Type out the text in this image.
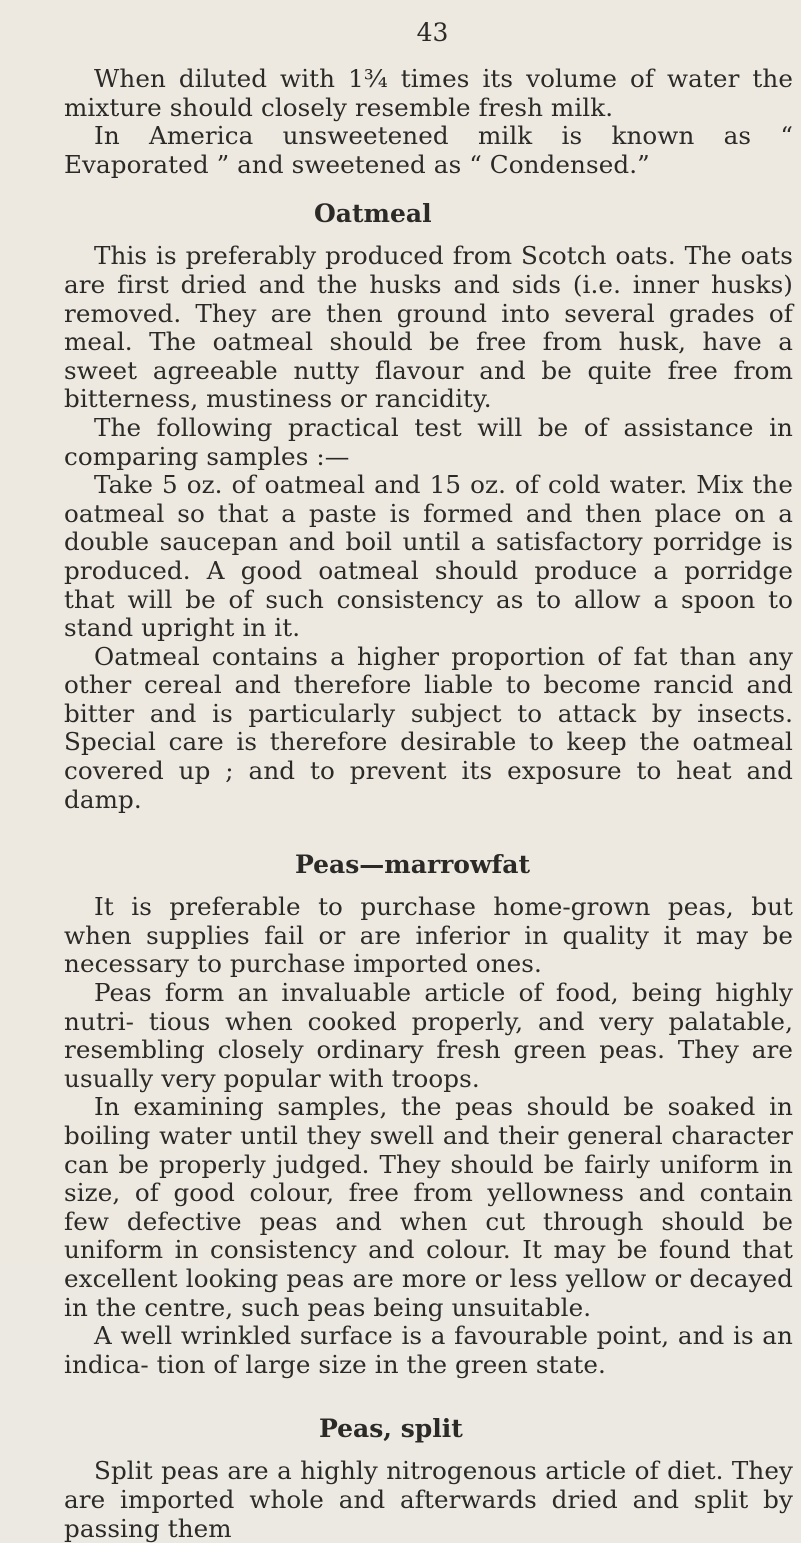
43

When diluted with 1¾ times its volume of water the mixture should closely resemble fresh milk.

In America unsweetened milk is known as “ Evaporated ” and sweetened as “ Condensed.”

Oatmeal

This is preferably produced from Scotch oats. The oats are first dried and the husks and sids (i.e. inner husks) removed. They are then ground into several grades of meal. The oatmeal should be free from husk, have a sweet agreeable nutty flavour and be quite free from bitterness, mustiness or rancidity.

The following practical test will be of assistance in comparing samples :—

Take 5 oz. of oatmeal and 15 oz. of cold water. Mix the oatmeal so that a paste is formed and then place on a double saucepan and boil until a satisfactory porridge is produced. A good oatmeal should produce a porridge that will be of such consistency as to allow a spoon to stand upright in it.

Oatmeal contains a higher proportion of fat than any other cereal and therefore liable to become rancid and bitter and is particularly subject to attack by insects. Special care is therefore desirable to keep the oatmeal covered up ; and to prevent its exposure to heat and damp.

Peas—marrowfat

It is preferable to purchase home-grown peas, but when supplies fail or are inferior in quality it may be necessary to purchase imported ones.

Peas form an invaluable article of food, being highly nutri- tious when cooked properly, and very palatable, resembling closely ordinary fresh green peas. They are usually very popular with troops.

In examining samples, the peas should be soaked in boiling water until they swell and their general character can be properly judged. They should be fairly uniform in size, of good colour, free from yellowness and contain few defective peas and when cut through should be uniform in consistency and colour. It may be found that excellent looking peas are more or less yellow or decayed in the centre, such peas being unsuitable.

A well wrinkled surface is a favourable point, and is an indica- tion of large size in the green state.

Peas, split

Split peas are a highly nitrogenous article of diet. They are imported whole and afterwards dried and split by passing them
